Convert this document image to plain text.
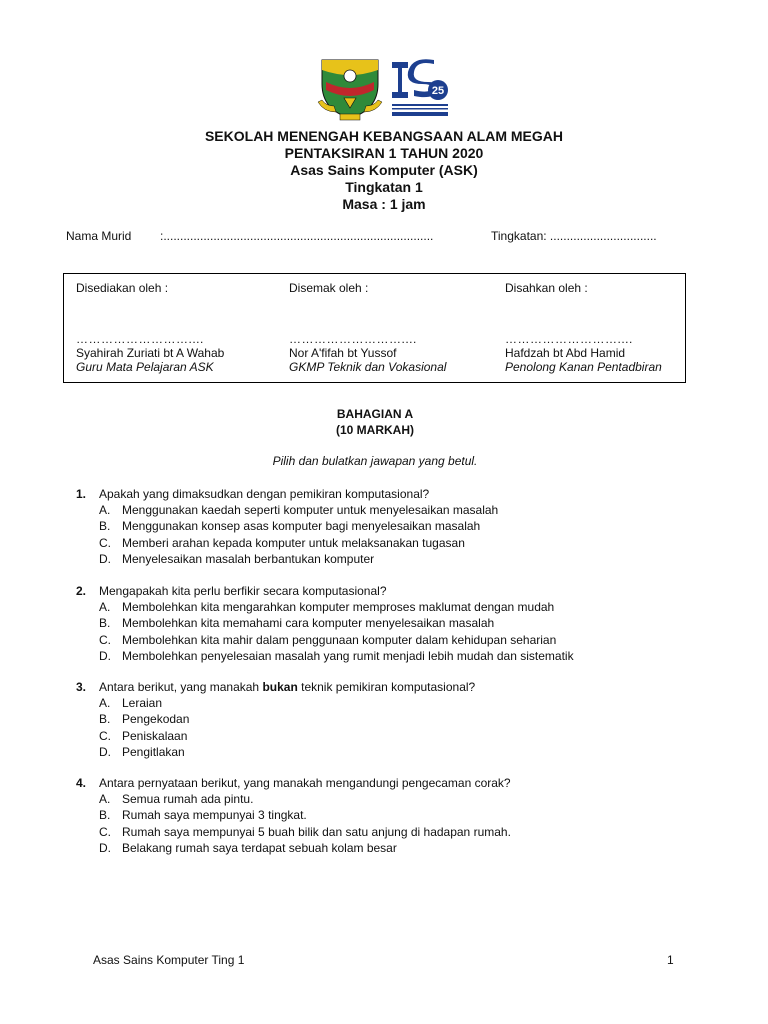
25
SEKOLAH MENENGAH KEBANGSAAN ALAM MEGAH
PENTAKSIRAN 1 TAHUN 2020
Asas Sains Komputer (ASK)
Tingkatan 1
Masa : 1 jam
Nama Murid :.................................................................................	Tingkatan: ................................
Disediakan oleh :
………………………....
Syahirah Zuriati bt A Wahab
Guru Mata Pelajaran ASK
Disemak oleh :
………………………....
Nor A'fifah bt Yussof
GKMP Teknik dan Vokasional
Disahkan oleh :
………………………....
Hafdzah bt Abd Hamid
Penolong Kanan Pentadbiran
BAHAGIAN A
(10 MARKAH)
Pilih dan bulatkan jawapan yang betul.
1. Apakah yang dimaksudkan dengan pemikiran komputasional?
A. Menggunakan kaedah seperti komputer untuk menyelesaikan masalah
B. Menggunakan konsep asas komputer bagi menyelesaikan masalah
C. Memberi arahan kepada komputer untuk melaksanakan tugasan
D. Menyelesaikan masalah berbantukan komputer
2. Mengapakah kita perlu berfikir secara komputasional?
A. Membolehkan kita mengarahkan komputer memproses maklumat dengan mudah
B. Membolehkan kita memahami cara komputer menyelesaikan masalah
C. Membolehkan kita mahir dalam penggunaan komputer dalam kehidupan seharian
D. Membolehkan penyelesaian masalah yang rumit menjadi lebih mudah dan sistematik
3. Antara berikut, yang manakah bukan teknik pemikiran komputasional?
A. Leraian
B. Pengekodan
C. Peniskalaan
D. Pengitlakan
4. Antara pernyataan berikut, yang manakah mengandungi pengecaman corak?
A. Semua rumah ada pintu.
B. Rumah saya mempunyai 3 tingkat.
C. Rumah saya mempunyai 5 buah bilik dan satu anjung di hadapan rumah.
D. Belakang rumah saya terdapat sebuah kolam besar
Asas Sains Komputer Ting 1	1
